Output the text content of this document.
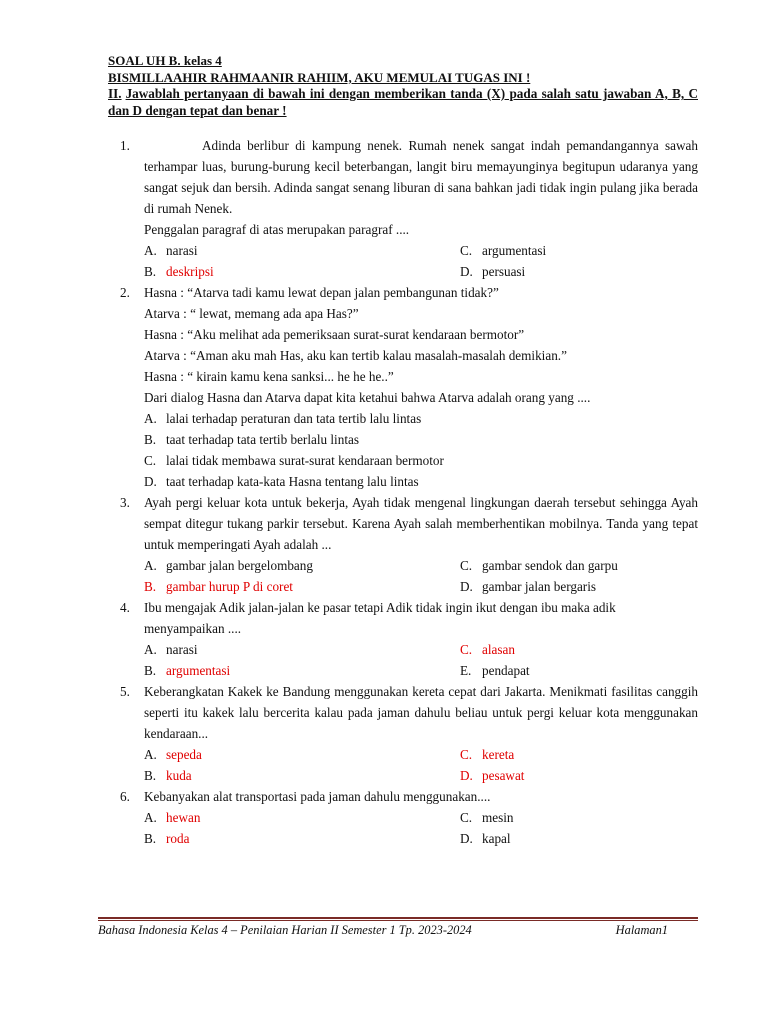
SOAL UH B. kelas 4
BISMILLAAHIR RAHMAANIR RAHIIM, AKU MEMULAI TUGAS INI !
II. Jawablah pertanyaan di bawah ini dengan memberikan tanda (X) pada salah satu jawaban A, B, C dan D dengan tepat dan benar !
1.	Adinda berlibur di kampung nenek. Rumah nenek sangat indah pemandangannya sawah terhampar luas, burung-burung kecil beterbangan, langit biru memayunginya begitupun udaranya yang sangat sejuk dan bersih. Adinda sangat senang liburan di sana bahkan jadi tidak ingin pulang jika berada di rumah Nenek.

Penggalan paragraf di atas merupakan paragraf ....

A. narasi	C. argumentasi
B. deskripsi	D. persuasi
2. Hasna : “Atarva tadi kamu lewat depan jalan pembangunan tidak?”

Atarva : “ lewat, memang ada apa Has?”

Hasna : “Aku melihat ada pemeriksaan surat-surat kendaraan bermotor”

Atarva : “Aman aku mah Has, aku kan tertib kalau masalah-masalah demikian.”

Hasna : “ kirain kamu kena sanksi... he he he..”

Dari dialog Hasna dan Atarva dapat kita ketahui bahwa Atarva adalah orang yang ....

A. lalai terhadap peraturan dan tata tertib lalu lintas
B. taat terhadap tata tertib berlalu lintas
C. lalai tidak membawa surat-surat kendaraan bermotor
D. taat terhadap kata-kata Hasna tentang lalu lintas
3. Ayah pergi keluar kota untuk bekerja, Ayah tidak mengenal lingkungan daerah tersebut sehingga Ayah sempat ditegur tukang parkir tersebut. Karena Ayah salah memberhentikan mobilnya. Tanda yang tepat untuk memperingati Ayah adalah ...

A. gambar jalan bergelombang	C. gambar sendok dan garpu
B. gambar hurup P di coret	D. gambar jalan bergaris
4. Ibu mengajak Adik jalan-jalan ke pasar tetapi Adik tidak ingin ikut dengan ibu maka adik menyampaikan ....

A. narasi	C. alasan
B. argumentasi	E. pendapat
5. Keberangkatan Kakek ke Bandung menggunakan kereta cepat dari Jakarta. Menikmati fasilitas canggih seperti itu kakek lalu bercerita kalau pada jaman dahulu beliau untuk pergi keluar kota menggunakan kendaraan...

A. sepeda	C. kereta
B. kuda	D. pesawat
6. Kebanyakan alat transportasi pada jaman dahulu menggunakan....

A. hewan	C. mesin
B. roda	D. kapal
Bahasa Indonesia Kelas 4 – Penilaian Harian II Semester 1 Tp. 2023-2024	Halaman1
